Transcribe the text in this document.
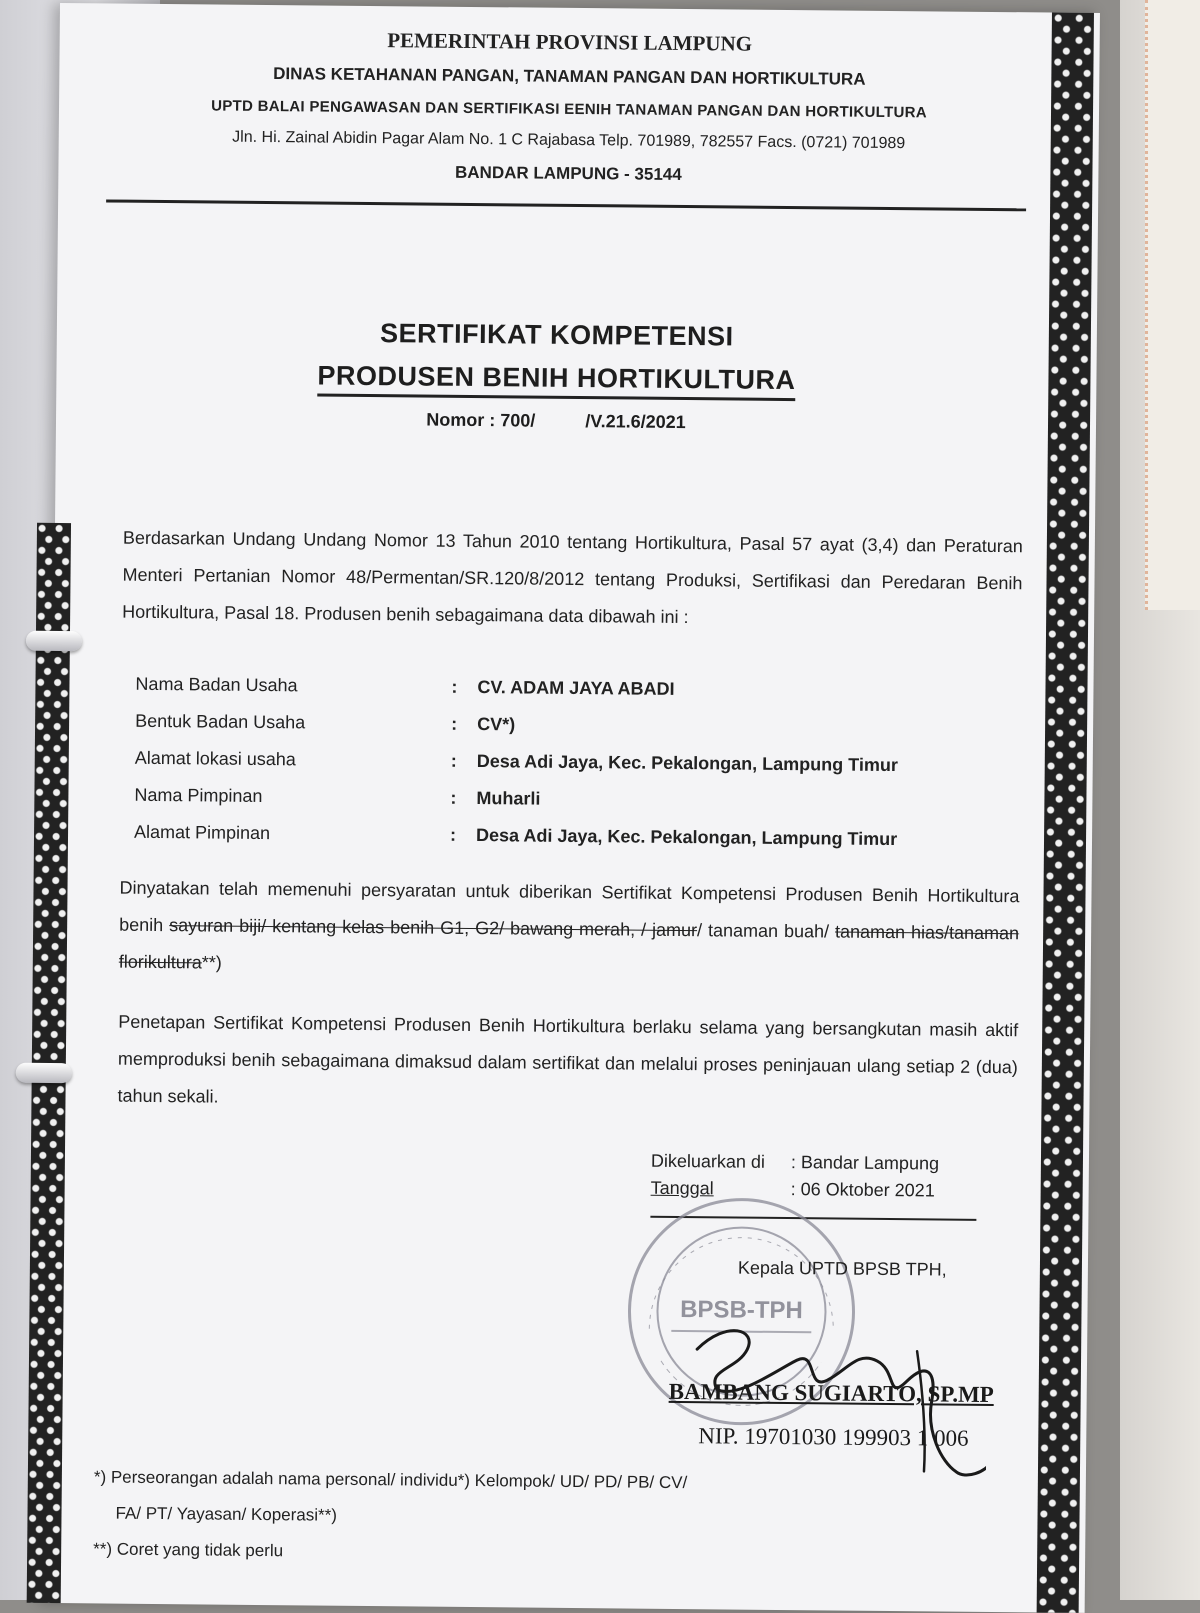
PEMERINTAH PROVINSI LAMPUNG
DINAS KETAHANAN PANGAN, TANAMAN PANGAN DAN HORTIKULTURA
UPTD BALAI PENGAWASAN DAN SERTIFIKASI EENIH TANAMAN PANGAN DAN HORTIKULTURA
Jln. Hi. Zainal Abidin Pagar Alam No. 1 C Rajabasa Telp. 701989, 782557 Facs. (0721) 701989
BANDAR LAMPUNG - 35144
SERTIFIKAT KOMPETENSI
PRODUSEN BENIH HORTIKULTURA
Nomor : 700/          /V.21.6/2021
Berdasarkan Undang Undang Nomor 13 Tahun 2010 tentang Hortikultura, Pasal 57 ayat (3,4) dan Peraturan Menteri Pertanian Nomor 48/Permentan/SR.120/8/2012 tentang Produksi, Sertifikasi dan Peredaran Benih Hortikultura, Pasal 18. Produsen benih sebagaimana data dibawah ini :
Nama Badan Usaha	:	CV. ADAM JAYA ABADI
Bentuk Badan Usaha	:	CV*)
Alamat lokasi usaha	:	Desa Adi Jaya, Kec. Pekalongan, Lampung Timur
Nama Pimpinan	:	Muharli
Alamat Pimpinan	:	Desa Adi Jaya, Kec. Pekalongan, Lampung Timur
Dinyatakan telah memenuhi persyaratan untuk diberikan Sertifikat Kompetensi Produsen Benih Hortikultura benih sayuran biji/ kentang kelas benih G1, G2/ bawang merah, / jamur/ tanaman buah/ tanaman hias/tanaman florikultura**)
Penetapan Sertifikat Kompetensi Produsen Benih Hortikultura berlaku selama yang bersangkutan masih aktif memproduksi benih sebagaimana dimaksud dalam sertifikat dan melalui proses peninjauan ulang setiap 2 (dua) tahun sekali.
Dikeluarkan di	: Bandar Lampung
Tanggal	: 06 Oktober 2021
BPSB-TPH
Kepala UPTD BPSB TPH,
BAMBANG SUGIARTO, SP.MP
NIP. 19701030 199903 1 006
*) Perseorangan adalah nama personal/ individu*) Kelompok/ UD/ PD/ PB/ CV/
FA/ PT/ Yayasan/ Koperasi**)
**) Coret yang tidak perlu
